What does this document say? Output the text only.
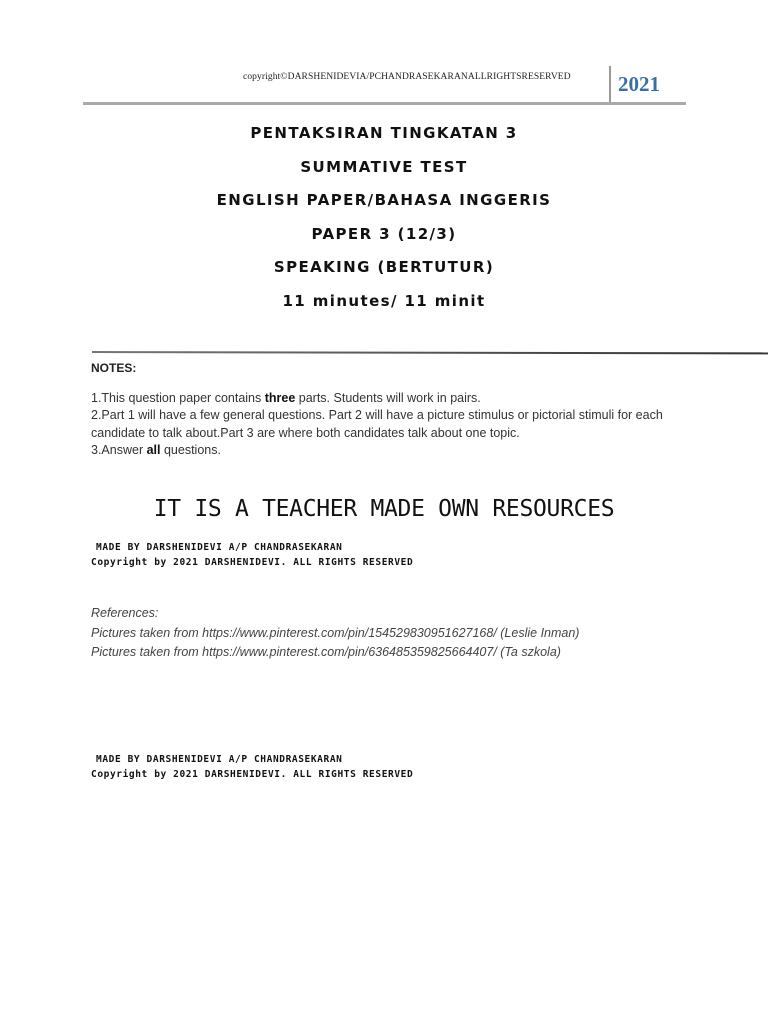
copyright©DARSHENIDEVIA/PCHANDRASEKARANALLRIGHTSRESERVED 2021
PENTAKSIRAN TINGKATAN 3
SUMMATIVE TEST
ENGLISH PAPER/BAHASA INGGERIS
PAPER 3 (12/3)
SPEAKING (BERTUTUR)
11 minutes/ 11 minit
NOTES:

1.This question paper contains three parts. Students will work in pairs.

2.Part 1 will have a few general questions. Part 2 will have a picture stimulus or pictorial stimuli for each

candidate to talk about.Part 3 are where both candidates talk about one topic.

3.Answer all questions.

IT IS A TEACHER MADE OWN RESOURCES
MADE BY DARSHENIDEVI A/P CHANDRASEKARAN
Copyright by 2021 DARSHENIDEVI. ALL RIGHTS RESERVED

References:

Pictures taken from https://www.pinterest.com/pin/154529830951627168/ (Leslie Inman)

Pictures taken from https://www.pinterest.com/pin/636485359825664407/ (Ta szkola)

MADE BY DARSHENIDEVI A/P CHANDRASEKARAN
Copyright by 2021 DARSHENIDEVI. ALL RIGHTS RESERVED
